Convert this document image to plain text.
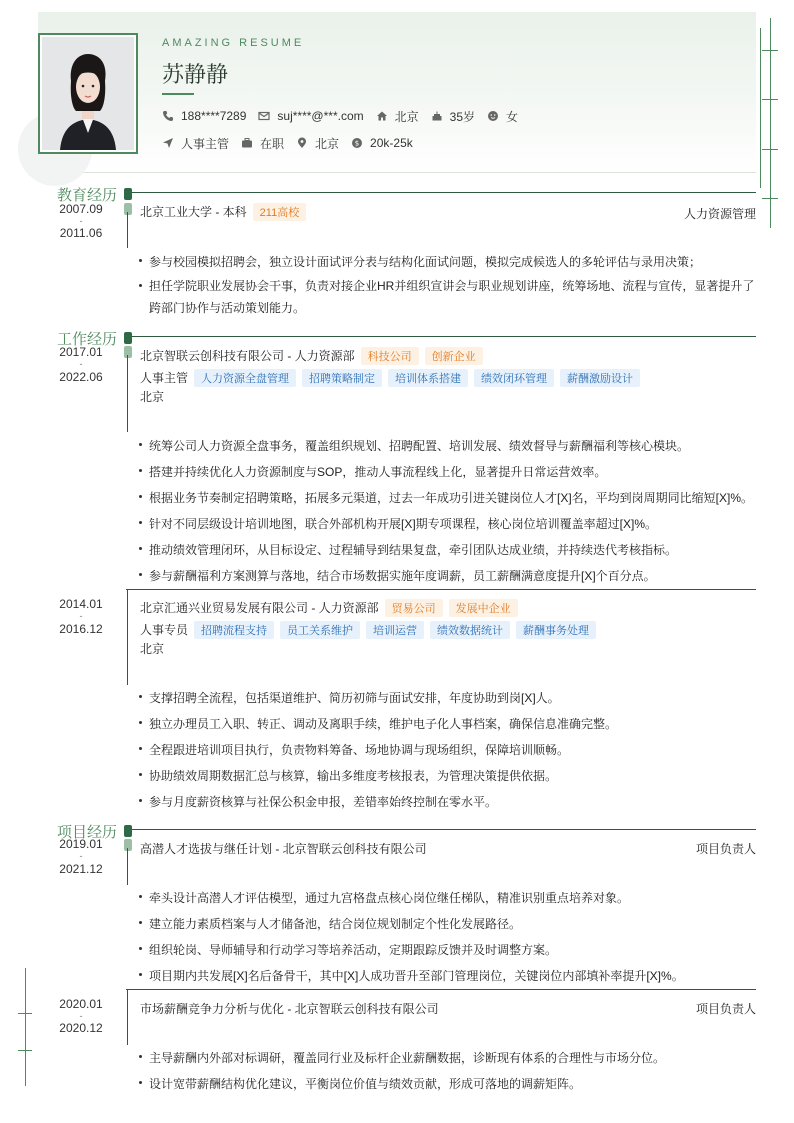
AMAZING RESUME
苏静静
188****7289	suj****@***.com	北京	35岁	女
人事主管	在职	北京 $ 20k-25k
教育经历
2007.09
-
2011.06
北京工业大学 - 本科 211高校	人力资源管理
参与校园模拟招聘会，独立设计面试评分表与结构化面试问题，模拟完成候选人的多轮评估与录用决策；
担任学院职业发展协会干事，负责对接企业HR并组织宣讲会与职业规划讲座，统筹场地、流程与宣传，显著提升了跨部门协作与活动策划能力。
工作经历
2017.01
-
2022.06
北京智联云创科技有限公司 - 人力资源部 科技公司 创新企业
人事主管 人力资源全盘管理 招聘策略制定 培训体系搭建 绩效闭环管理 薪酬激励设计
北京
统筹公司人力资源全盘事务，覆盖组织规划、招聘配置、培训发展、绩效督导与薪酬福利等核心模块。
搭建并持续优化人力资源制度与SOP，推动人事流程线上化，显著提升日常运营效率。
根据业务节奏制定招聘策略，拓展多元渠道，过去一年成功引进关键岗位人才[X]名，平均到岗周期同比缩短[X]%。
针对不同层级设计培训地图，联合外部机构开展[X]期专项课程，核心岗位培训覆盖率超过[X]%。
推动绩效管理闭环，从目标设定、过程辅导到结果复盘，牵引团队达成业绩，并持续迭代考核指标。
参与薪酬福利方案测算与落地，结合市场数据实施年度调薪，员工薪酬满意度提升[X]个百分点。
2014.01
-
2016.12
北京汇通兴业贸易发展有限公司 - 人力资源部 贸易公司 发展中企业
人事专员 招聘流程支持 员工关系维护 培训运营 绩效数据统计 薪酬事务处理
北京
支撑招聘全流程，包括渠道维护、简历初筛与面试安排，年度协助到岗[X]人。
独立办理员工入职、转正、调动及离职手续，维护电子化人事档案，确保信息准确完整。
全程跟进培训项目执行，负责物料筹备、场地协调与现场组织，保障培训顺畅。
协助绩效周期数据汇总与核算，输出多维度考核报表，为管理决策提供依据。
参与月度薪资核算与社保公积金申报，差错率始终控制在零水平。
项目经历
2019.01
-
2021.12
高潜人才选拔与继任计划 - 北京智联云创科技有限公司	项目负责人
牵头设计高潜人才评估模型，通过九宫格盘点核心岗位继任梯队，精准识别重点培养对象。
建立能力素质档案与人才储备池，结合岗位规划制定个性化发展路径。
组织轮岗、导师辅导和行动学习等培养活动，定期跟踪反馈并及时调整方案。
项目期内共发展[X]名后备骨干，其中[X]人成功晋升至部门管理岗位，关键岗位内部填补率提升[X]%。
2020.01
-
2020.12
市场薪酬竞争力分析与优化 - 北京智联云创科技有限公司	项目负责人
主导薪酬内外部对标调研，覆盖同行业及标杆企业薪酬数据，诊断现有体系的合理性与市场分位。
设计宽带薪酬结构优化建议，平衡岗位价值与绩效贡献，形成可落地的调薪矩阵。
